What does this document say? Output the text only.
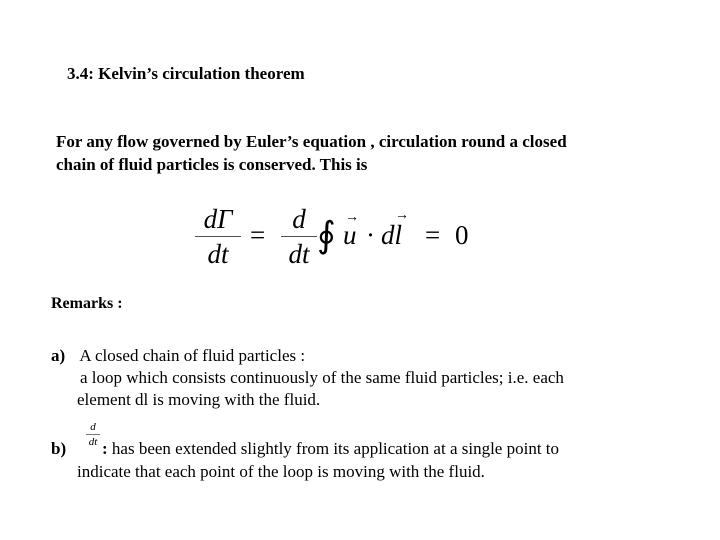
3.4: Kelvin’s circulation theorem
For any flow governed by Euler’s equation , circulation round a closed
chain of fluid particles is conserved. This is
dΓ
dt
=
d
dt ∮ →
u ·
→
dl = 0
Remarks :
a) A closed chain of fluid particles :
a loop which consists continuously of the same fluid particles; i.e. each
element dl is moving with the fluid.
b)
d
dt : has been extended slightly from its application at a single point to
indicate that each point of the loop is moving with the fluid.
